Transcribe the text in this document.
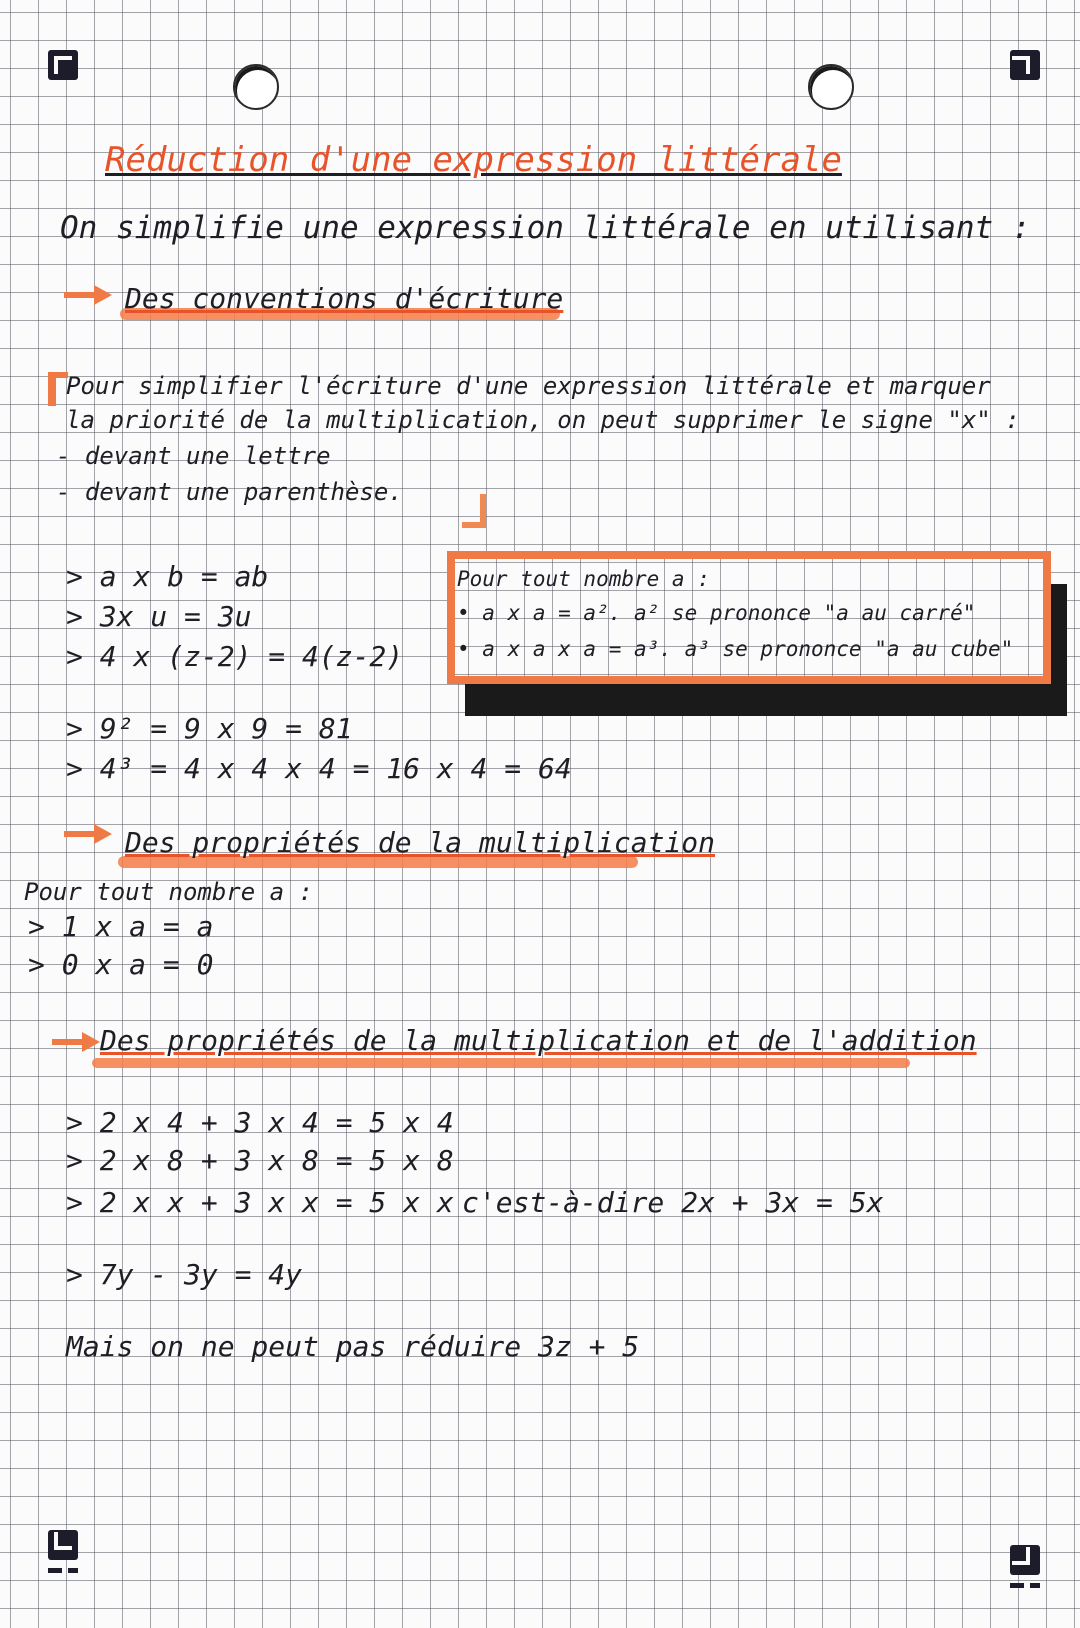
Réduction d'une expression littérale
On simplifie une expression littérale en utilisant :
Des conventions d'écriture
Pour simplifier l'écriture d'une expression littérale et marquer
la priorité de la multiplication, on peut supprimer le signe "x" :
- devant une lettre
- devant une parenthèse.
> a x b = ab
> 3x u = 3u
> 4 x (z-2) = 4(z-2)
Pour tout nombre a :
• a x a = a². a² se prononce "a au carré"
• a x a x a = a³. a³ se prononce "a au cube"
> 9² = 9 x 9 = 81
> 4³ = 4 x 4 x 4 = 16 x 4 = 64
Des propriétés de la multiplication
Pour tout nombre a :
> 1 x a = a
> 0 x a = 0
Des propriétés de la multiplication et de l'addition
> 2 x 4 + 3 x 4 = 5 x 4
> 2 x 8 + 3 x 8 = 5 x 8
> 2 x x + 3 x x = 5 x x c'est-à-dire 2x + 3x = 5x
> 7y - 3y = 4y
Mais on ne peut pas réduire 3z + 5
